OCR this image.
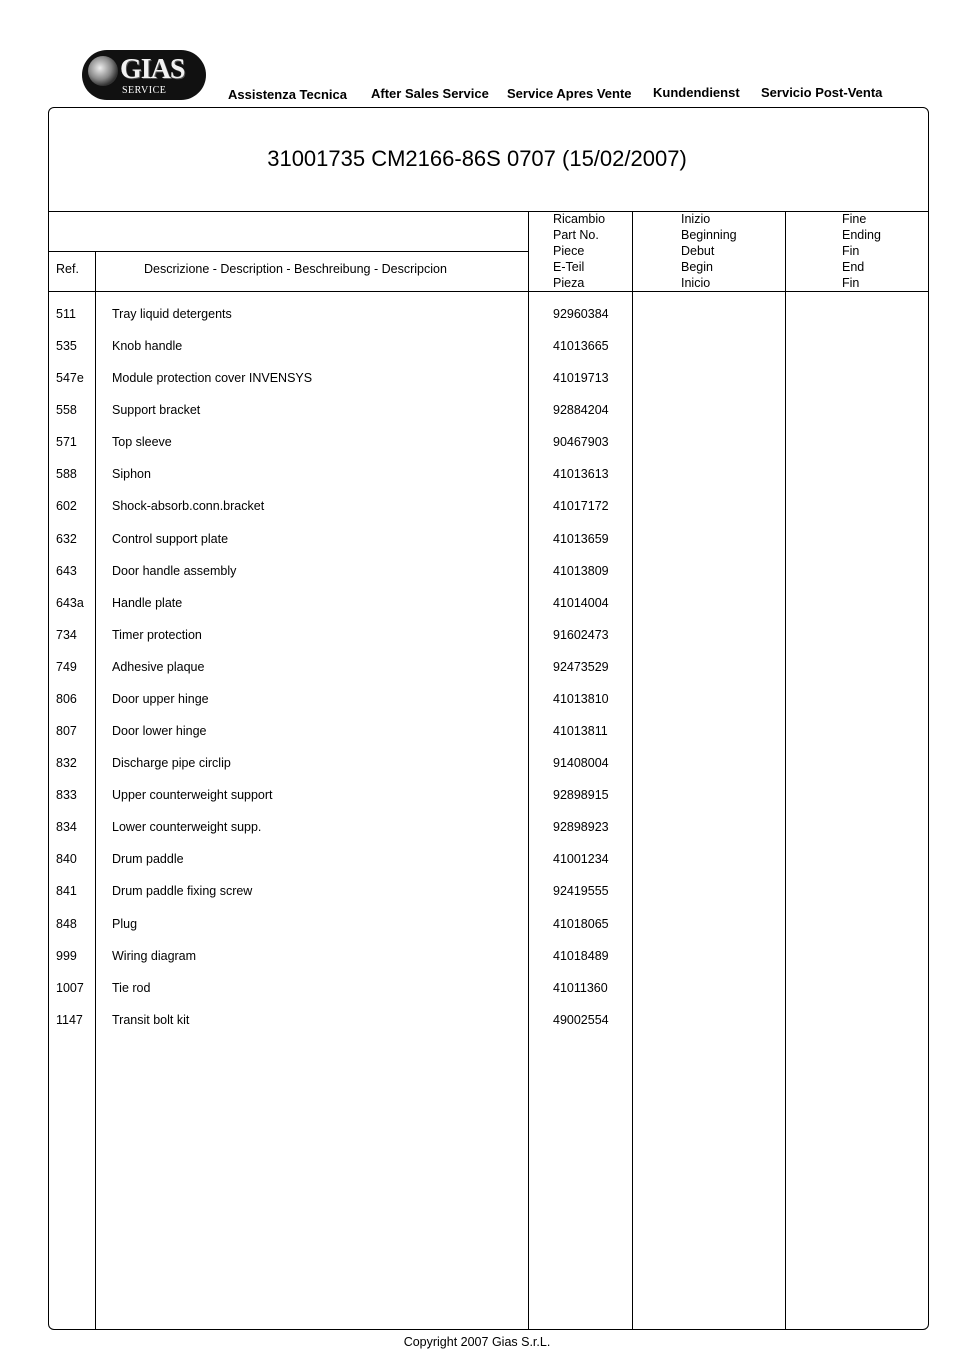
GIAS
SERVICE	Assistenza Tecnica After Sales Service Service Apres Vente Kundendienst Servicio Post-Venta
31001735 CM2166-86S 0707 (15/02/2007)
Ref.	Descrizione - Description - Beschreibung - Descripcion
Ricambio
Part No.
Piece
E-Teil
Pieza
Inizio
Beginning
Debut
Begin
Inicio
Fine
Ending
Fin
End
Fin
511	Tray liquid detergents	92960384
535	Knob handle	41013665
547e Module protection cover INVENSYS	41019713
558	Support bracket	92884204
571	Top sleeve	90467903
588	Siphon	41013613
602	Shock-absorb.conn.bracket	41017172
632	Control support plate	41013659
643	Door handle assembly	41013809
643a Handle plate	41014004
734	Timer protection	91602473
749	Adhesive plaque	92473529
806	Door upper hinge	41013810
807	Door lower hinge	41013811
832	Discharge pipe circlip	91408004
833	Upper counterweight support	92898915
834	Lower counterweight supp.	92898923
840	Drum paddle	41001234
841	Drum paddle fixing screw	92419555
848	Plug	41018065
999	Wiring diagram	41018489
1007 Tie rod	41011360
1147 Transit bolt kit	49002554
Copyright 2007 Gias S.r.L.
